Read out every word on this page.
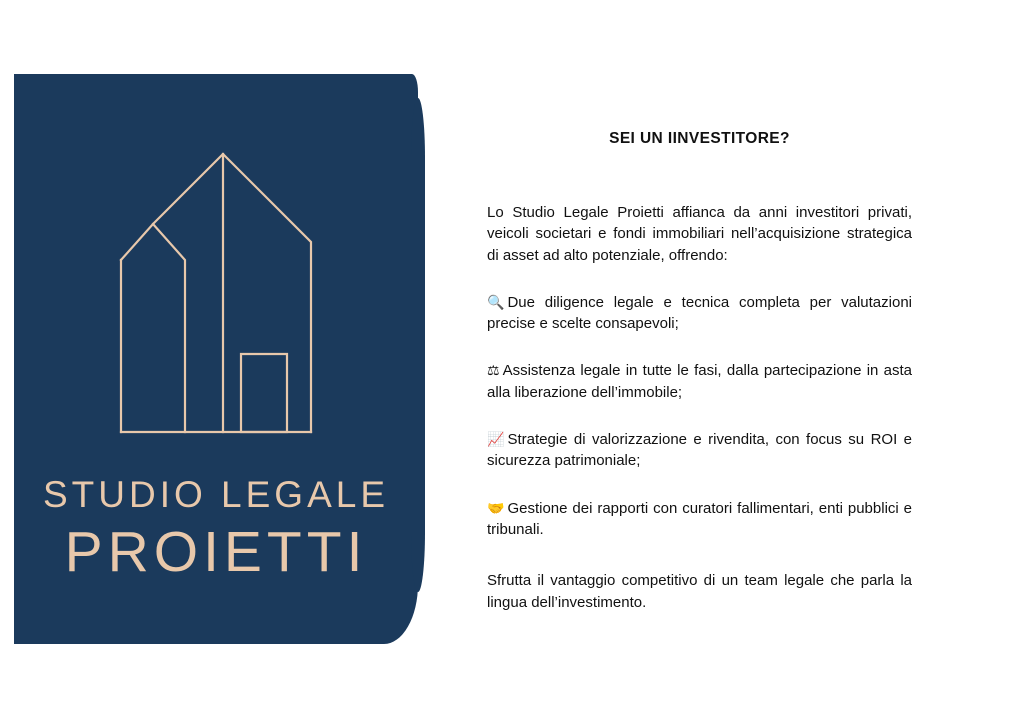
STUDIO LEGALE
PROIETTI
SEI UN IINVESTITORE?

Lo Studio Legale Proietti affianca da anni investitori privati, veicoli societari e fondi immobiliari nell’acquisizione strategica di asset ad alto potenziale, offrendo:

🔍 Due diligence legale e tecnica completa per valutazioni precise e scelte consapevoli;

⚖ Assistenza legale in tutte le fasi, dalla partecipazione in asta alla liberazione dell’immobile;

📈 Strategie di valorizzazione e rivendita, con focus su ROI e sicurezza patrimoniale;

🤝 Gestione dei rapporti con curatori fallimentari, enti pubblici e tribunali.

Sfrutta il vantaggio competitivo di un team legale che parla la lingua dell’investimento.
